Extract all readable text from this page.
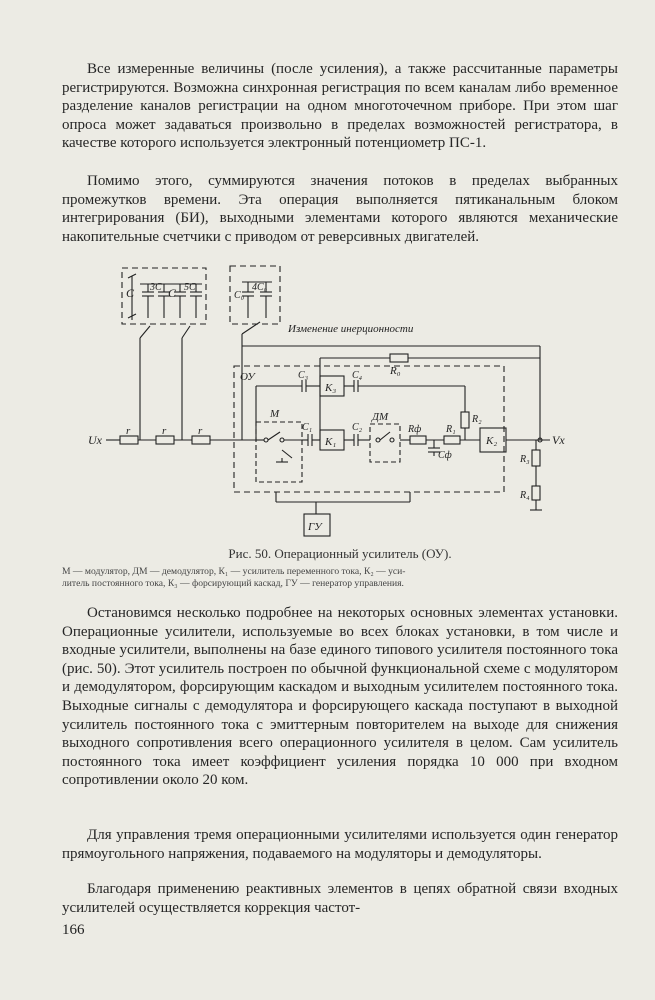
Все измеренные величины (после усиления), а также рассчитанные параметры регистрируются. Возможна синхронная регистрация по всем каналам либо временное разделение каналов регистрации на одном многоточечном приборе. При этом шаг опроса может задаваться произвольно в пределах возможностей регистратора, в качестве которого используется электронный потенциометр ПС-1.

Помимо этого, суммируются значения потоков в пределах выбранных промежутков времени. Эта операция выполняется пятиканальным блоком интегрирования (БИ), выходными элементами которого являются механические накопительные счетчики с приводом от реверсивных двигателей.

C 3C C 5C
C₀
4C₀
Изменение инерционности
R₀
ОУ	C₃
K₃
C₄
R₂
М
C₁
K₁
C₂
ДМ
Rф R₁
K₂
Cф
Uх	Vх
r	r	r
R₃
R₄
ГУ
Рис. 50. Операционный усилитель (ОУ).
М — модулятор, ДМ — демодулятор, К₁ — усилитель переменного тока, К₂ — уси-
литель постоянного тока, К₃ — форсирующий каскад, ГУ — генератор управления.

Остановимся несколько подробнее на некоторых основных элементах установки. Операционные усилители, используемые во всех блоках установки, в том числе и входные усилители, выполнены на базе единого типового усилителя постоянного тока (рис. 50). Этот усилитель построен по обычной функциональной схеме с модулятором и демодулятором, форсирующим каскадом и выходным усилителем постоянного тока. Выходные сигналы с демодулятора и форсирующего каскада поступают в выходной усилитель постоянного тока с эмиттерным повторителем на выходе для снижения выходного сопротивления всего операционного усилителя в целом. Сам усилитель постоянного тока имеет коэффициент усиления порядка 10 000 при входном сопротивлении около 20 ком.

Для управления тремя операционными усилителями используется один генератор прямоугольного напряжения, подаваемого на модуляторы и демодуляторы.

Благодаря применению реактивных элементов в цепях обратной связи входных усилителей осуществляется коррекция частот-

166
